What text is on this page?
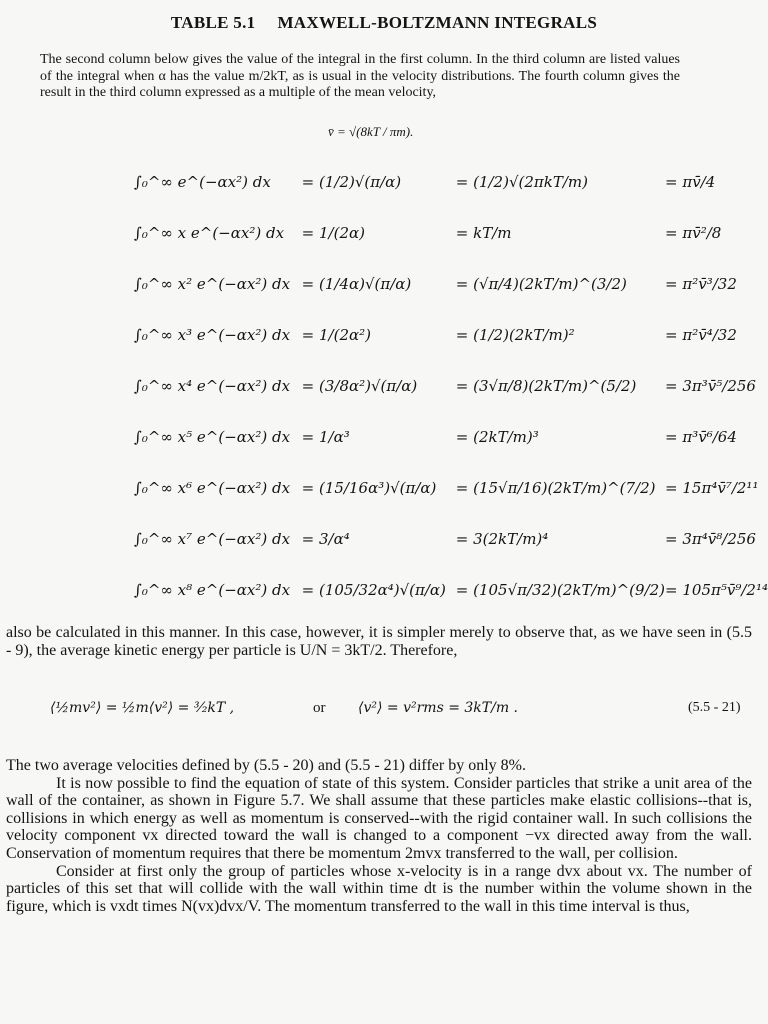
TABLE 5.1 MAXWELL-BOLTZMANN INTEGRALS
The second column below gives the value of the integral in the first column. In the third column are listed values of the integral when α has the value m/2kT, as is usual in the velocity distributions. The fourth column gives the result in the third column expressed as a multiple of the mean velocity,
v̄ = √(8kT / πm).
∫₀^∞ e^(−αx²) dx	= (1/2)√(π/α)	= (1/2)√(2πkT/m)	= πv̄/4
∫₀^∞ x e^(−αx²) dx	= 1/(2α)	= kT/m	= πv̄²/8
∫₀^∞ x² e^(−αx²) dx	= (1/4α)√(π/α)	= (√π/4)(2kT/m)^(3/2)	= π²v̄³/32
∫₀^∞ x³ e^(−αx²) dx	= 1/(2α²)	= (1/2)(2kT/m)²	= π²v̄⁴/32
∫₀^∞ x⁴ e^(−αx²) dx	= (3/8α²)√(π/α)	= (3√π/8)(2kT/m)^(5/2)	= 3π³v̄⁵/256
∫₀^∞ x⁵ e^(−αx²) dx	= 1/α³	= (2kT/m)³	= π³v̄⁶/64
∫₀^∞ x⁶ e^(−αx²) dx	= (15/16α³)√(π/α)	= (15√π/16)(2kT/m)^(7/2)	= 15π⁴v̄⁷/2¹¹
∫₀^∞ x⁷ e^(−αx²) dx	= 3/α⁴	= 3(2kT/m)⁴	= 3π⁴v̄⁸/256
∫₀^∞ x⁸ e^(−αx²) dx	= (105/32α⁴)√(π/α)	= (105√π/32)(2kT/m)^(9/2)	= 105π⁵v̄⁹/2¹⁴
also be calculated in this manner. In this case, however, it is simpler merely to observe that, as we have seen in (5.5 - 9), the average kinetic energy per particle is U/N = 3kT/2. Therefore,
⟨½mv²⟩ = ½m⟨v²⟩ = ³⁄₂kT ,	or ⟨v²⟩ = v²rms = 3kT/m .	(5.5 - 21)
The two average velocities defined by (5.5 - 20) and (5.5 - 21) differ by only 8%.
It is now possible to find the equation of state of this system. Consider particles that strike a unit area of the wall of the container, as shown in Figure 5.7. We shall assume that these particles make elastic collisions--that is, collisions in which energy as well as momentum is conserved--with the rigid container wall. In such collisions the velocity component vx directed toward the wall is changed to a component −vx directed away from the wall. Conservation of momentum requires that there be momentum 2mvx transferred to the wall, per collision.
Consider at first only the group of particles whose x-velocity is in a range dvx about vx. The number of particles of this set that will collide with the wall within time dt is the number within the volume shown in the figure, which is vxdt times N(vx)dvx/V. The momentum transferred to the wall in this time interval is thus,
